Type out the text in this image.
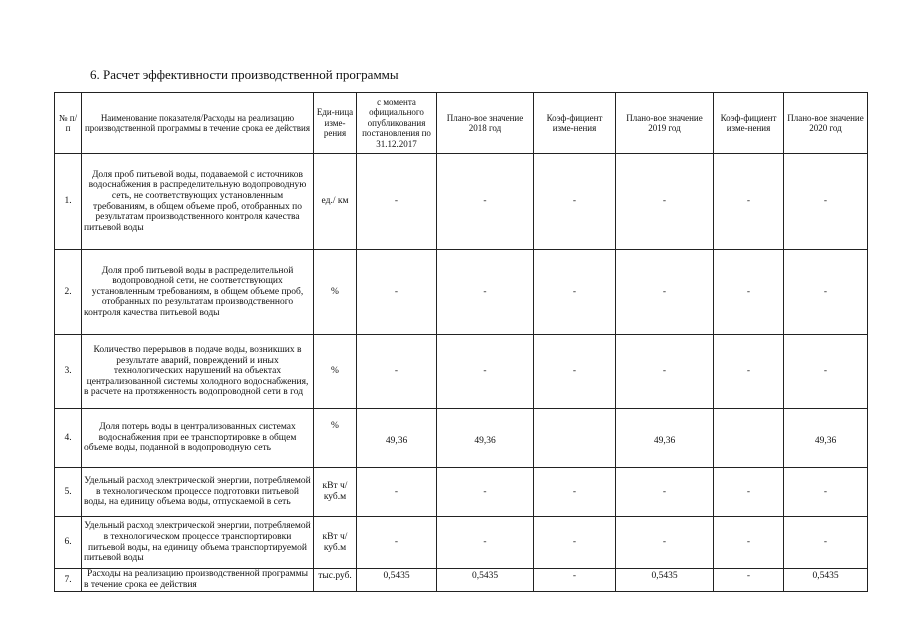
6. Расчет эффективности производственной программы
№ п/п	Наименование показателя/Расходы на реализацию производственной программы в течение срока ее действия	Еди-ница изме-рения	с момента официального опубликования постановления по 31.12.2017	Плано-вое значение 2018 год	Коэф-фициент изме-нения	Плано-вое значение 2019 год	Коэф-фициент изме-нения	Плано-вое значение 2020 год
1.	Доля проб питьевой воды, подаваемой с источников водоснабжения в распределительную водопроводную сеть, не соответствующих установленным требованиям, в общем объеме проб, отобранных по результатам производственного контроля качества питьевой воды	ед./ км	-	-	-	-	-	-
2.	Доля проб питьевой воды в распределительной водопроводной сети, не соответствующих установленным требованиям, в общем объеме проб, отобранных по результатам производственного контроля качества питьевой воды	%	-	-	-	-	-	-
3.	Количество перерывов в подаче воды, возникших в результате аварий, повреждений и иных технологических нарушений на объектах централизованной системы холодного водоснабжения, в расчете на протяженность водопроводной сети в год	%	-	-	-	-	-	-
4.	Доля потерь воды в централизованных системах водоснабжения при ее транспортировке в общем объеме воды, поданной в водопроводную сеть	%	49,36	49,36		49,36		49,36
5.	Удельный расход электрической энергии, потребляемой в технологическом процессе подготовки питьевой воды, на единицу объема воды, отпускаемой в сеть	кВт ч/куб.м	-	-	-	-	-	-
6.	Удельный расход электрической энергии, потребляемой в технологическом процессе транспортировки питьевой воды, на единицу объема транспортируемой питьевой воды	кВт ч/куб.м	-	-	-	-	-	-
7.	Расходы на реализацию производственной программы в течение срока ее действия	тыс.руб.	0,5435	0,5435	-	0,5435	-	0,5435
